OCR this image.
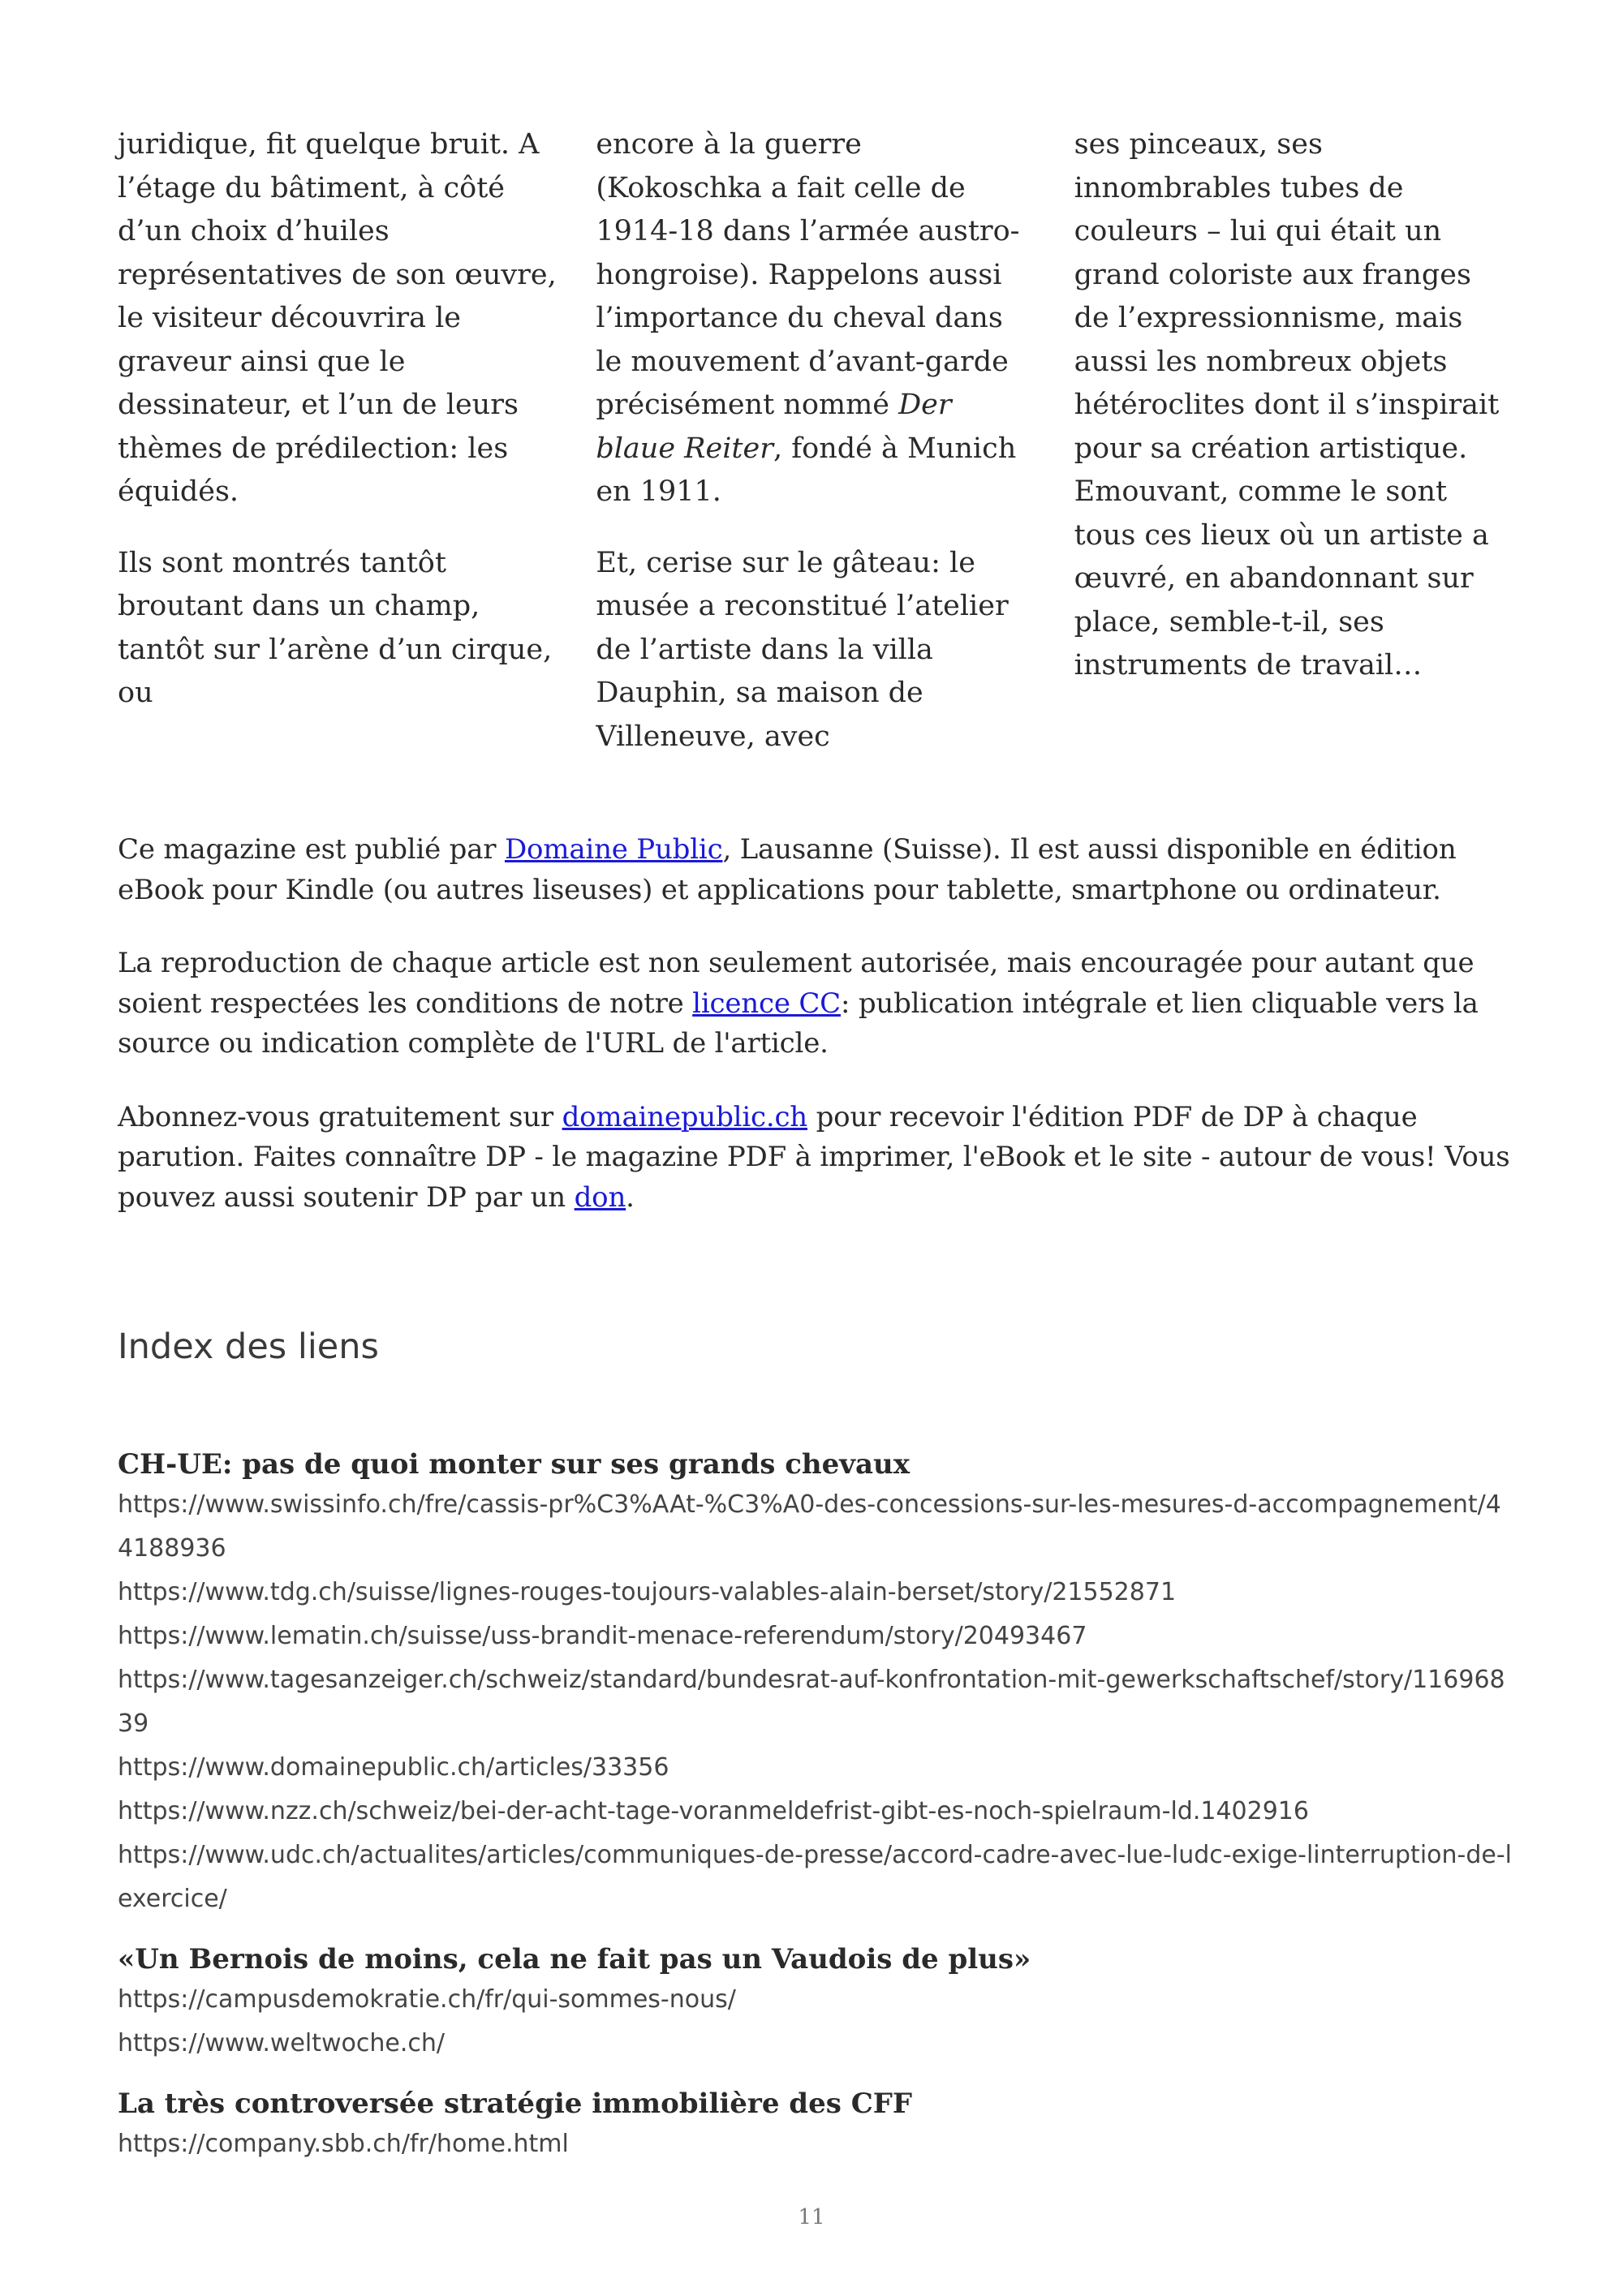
juridique, fit quelque bruit. A l’étage du bâtiment, à côté d’un choix d’huiles représentatives de son œuvre, le visiteur découvrira le graveur ainsi que le dessinateur, et l’un de leurs thèmes de prédilection: les équidés.

Ils sont montrés tantôt broutant dans un champ, tantôt sur l’arène d’un cirque, ou

encore à la guerre (Kokoschka a fait celle de 1914-18 dans l’armée austro-hongroise). Rappelons aussi l’importance du cheval dans le mouvement d’avant-garde précisément nommé Der blaue Reiter, fondé à Munich en 1911.

Et, cerise sur le gâteau: le musée a reconstitué l’atelier de l’artiste dans la villa Dauphin, sa maison de Villeneuve, avec

ses pinceaux, ses innombrables tubes de couleurs – lui qui était un grand coloriste aux franges de l’expressionnisme, mais aussi les nombreux objets hétéroclites dont il s’inspirait pour sa création artistique. Emouvant, comme le sont tous ces lieux où un artiste a œuvré, en abandonnant sur place, semble-t-il, ses instruments de travail…

Ce magazine est publié par Domaine Public, Lausanne (Suisse). Il est aussi disponible en édition eBook pour Kindle (ou autres liseuses) et applications pour tablette, smartphone ou ordinateur.

La reproduction de chaque article est non seulement autorisée, mais encouragée pour autant que soient respectées les conditions de notre licence CC: publication intégrale et lien cliquable vers la source ou indication complète de l'URL de l'article.

Abonnez-vous gratuitement sur domainepublic.ch pour recevoir l'édition PDF de DP à chaque parution. Faites connaître DP - le magazine PDF à imprimer, l'eBook et le site - autour de vous! Vous pouvez aussi soutenir DP par un don.

Index des liens
CH-UE: pas de quoi monter sur ses grands chevaux
https://www.swissinfo.ch/fre/cassis-pr%C3%AAt-%C3%A0-des-concessions-sur-les-mesures-d-accompagnement/44188936
https://www.tdg.ch/suisse/lignes-rouges-toujours-valables-alain-berset/story/21552871
https://www.lematin.ch/suisse/uss-brandit-menace-referendum/story/20493467
https://www.tagesanzeiger.ch/schweiz/standard/bundesrat-auf-konfrontation-mit-gewerkschaftschef/story/11696839
https://www.domainepublic.ch/articles/33356
https://www.nzz.ch/schweiz/bei-der-acht-tage-voranmeldefrist-gibt-es-noch-spielraum-ld.1402916
https://www.udc.ch/actualites/articles/communiques-de-presse/accord-cadre-avec-lue-ludc-exige-linterruption-de-lexercice/
«Un Bernois de moins, cela ne fait pas un Vaudois de plus»
https://campusdemokratie.ch/fr/qui-sommes-nous/
https://www.weltwoche.ch/
La très controversée stratégie immobilière des CFF
https://company.sbb.ch/fr/home.html
11
